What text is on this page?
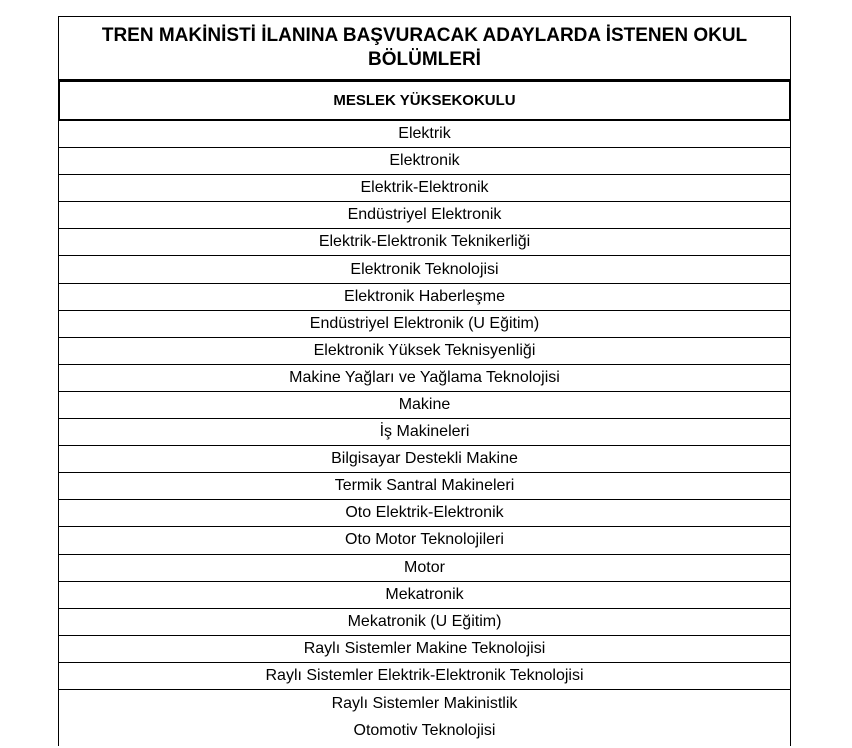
TREN MAKİNİSTİ İLANINA BAŞVURACAK ADAYLARDA İSTENEN OKUL BÖLÜMLERİ
MESLEK YÜKSEKOKULU
Elektrik
Elektronik
Elektrik-Elektronik
Endüstriyel Elektronik
Elektrik-Elektronik Teknikerliği
Elektronik Teknolojisi
Elektronik Haberleşme
Endüstriyel Elektronik (U Eğitim)
Elektronik Yüksek Teknisyenliği
Makine Yağları ve Yağlama Teknolojisi
Makine
İş Makineleri
Bilgisayar Destekli Makine
Termik Santral Makineleri
Oto Elektrik-Elektronik
Oto Motor Teknolojileri
Motor
Mekatronik
Mekatronik (U Eğitim)
Raylı Sistemler Makine Teknolojisi
Raylı Sistemler Elektrik-Elektronik Teknolojisi
Raylı Sistemler Makinistlik
Otomotiv Teknolojisi
